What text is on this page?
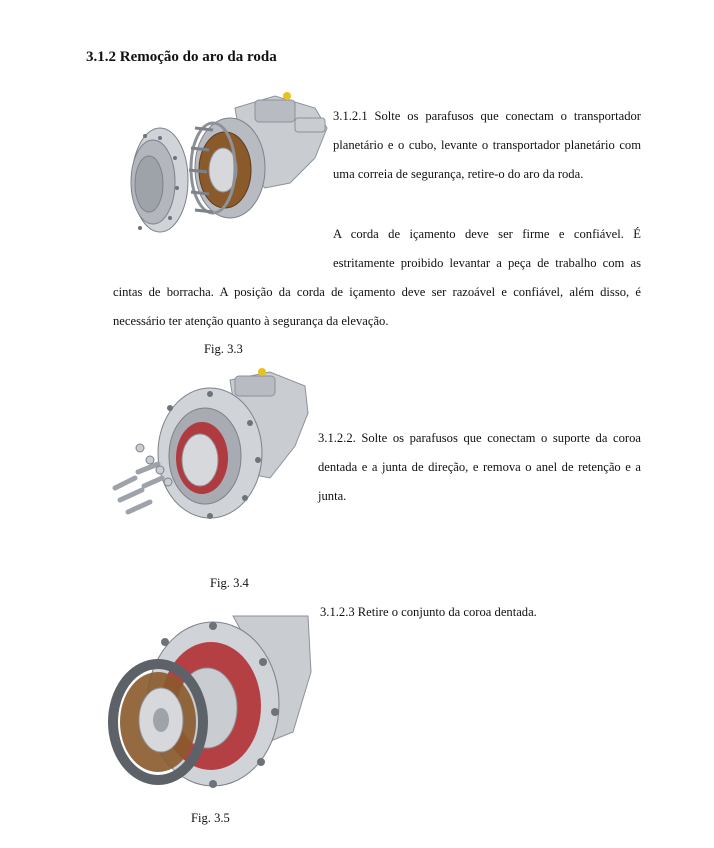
3.1.2 Remoção do aro da roda
3.1.2.1 Solte os parafusos que conectam o transportador
planetário e o cubo, levante o transportador planetário com
uma correia de segurança, retire-o do aro da roda.
A corda de içamento deve ser firme e confiável. É
estritamente proibido levantar a peça de trabalho com as
cintas de borracha. A posição da corda de içamento deve ser razoável e confiável, além disso, é
necessário ter atenção quanto à segurança da elevação.
Fig. 3.3
3.1.2.2. Solte os parafusos que conectam o suporte da coroa
dentada e a junta de direção, e remova o anel de retenção e a
junta.
Fig. 3.4
3.1.2.3 Retire o conjunto da coroa dentada.
Fig. 3.5
